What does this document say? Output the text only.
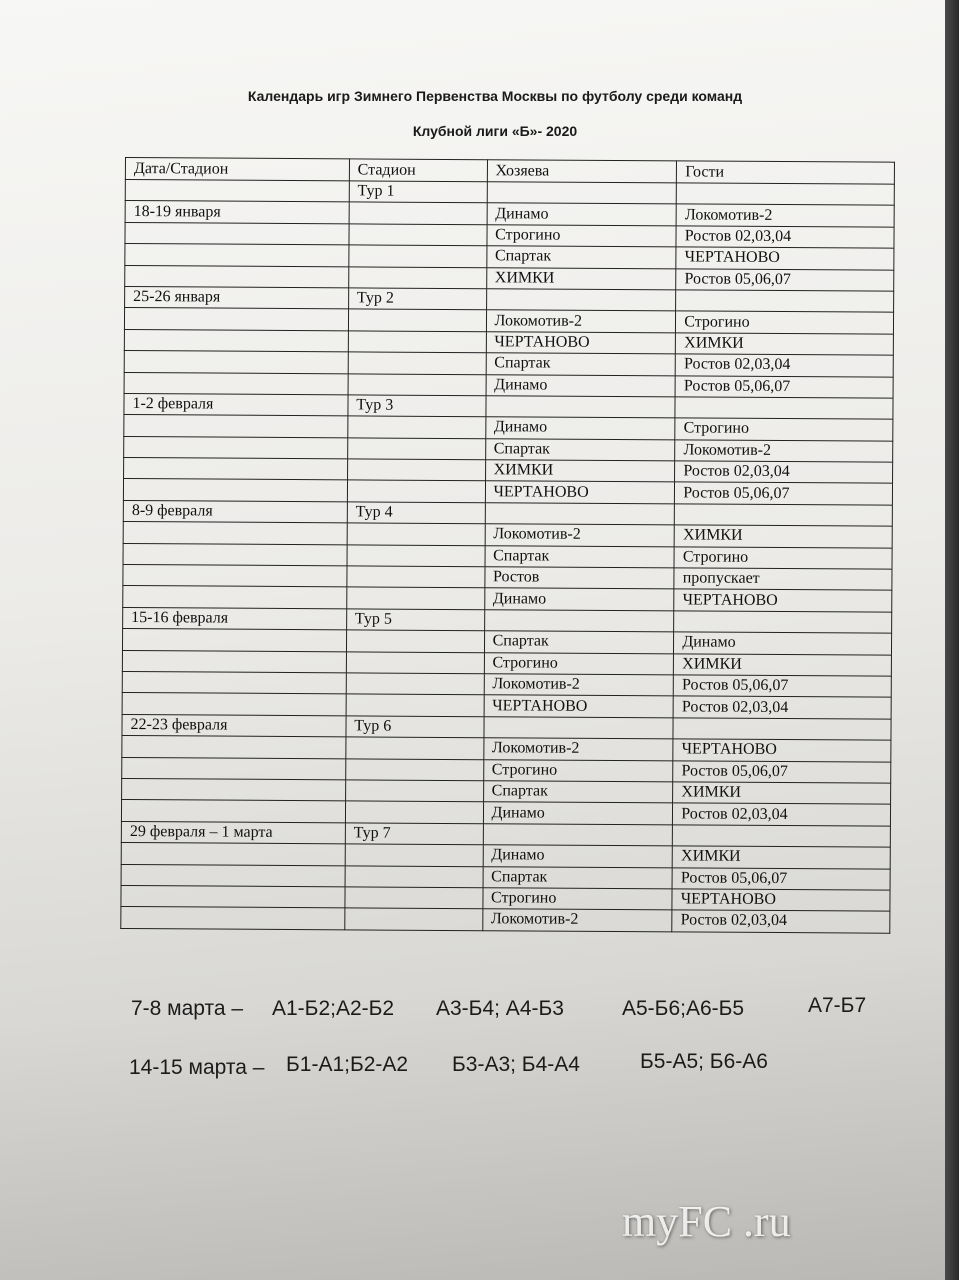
Календарь игр Зимнего Первенства Москвы по футболу среди команд
Клубной лиги «Б»- 2020
Дата/Стадион	Стадион	Хозяева	Гости
	Тур 1		
18-19 января		Динамо	Локомотив-2
		Строгино	Ростов 02,03,04
		Спартак	ЧЕРТАНОВО
		ХИМКИ	Ростов 05,06,07
25-26 января	Тур 2		
		Локомотив-2	Строгино
		ЧЕРТАНОВО	ХИМКИ
		Спартак	Ростов 02,03,04
		Динамо	Ростов 05,06,07
1-2 февраля	Тур 3		
		Динамо	Строгино
		Спартак	Локомотив-2
		ХИМКИ	Ростов 02,03,04
		ЧЕРТАНОВО	Ростов 05,06,07
8-9 февраля	Тур 4		
		Локомотив-2	ХИМКИ
		Спартак	Строгино
		Ростов	пропускает
		Динамо	ЧЕРТАНОВО
15-16 февраля	Тур 5		
		Спартак	Динамо
		Строгино	ХИМКИ
		Локомотив-2	Ростов 05,06,07
		ЧЕРТАНОВО	Ростов 02,03,04
22-23 февраля	Тур 6		
		Локомотив-2	ЧЕРТАНОВО
		Строгино	Ростов 05,06,07
		Спартак	ХИМКИ
		Динамо	Ростов 02,03,04
29 февраля – 1 марта	Тур 7		
		Динамо	ХИМКИ
		Спартак	Ростов 05,06,07
		Строгино	ЧЕРТАНОВО
		Локомотив-2	Ростов 02,03,04
7-8 марта – А1-Б2;А2-Б2 А3-Б4; А4-Б3	А5-Б6;А6-Б5	А7-Б7
14-15 марта – Б1-А1;Б2-А2 Б3-А3; Б4-А4	Б5-А5; Б6-А6
myFC .ru
